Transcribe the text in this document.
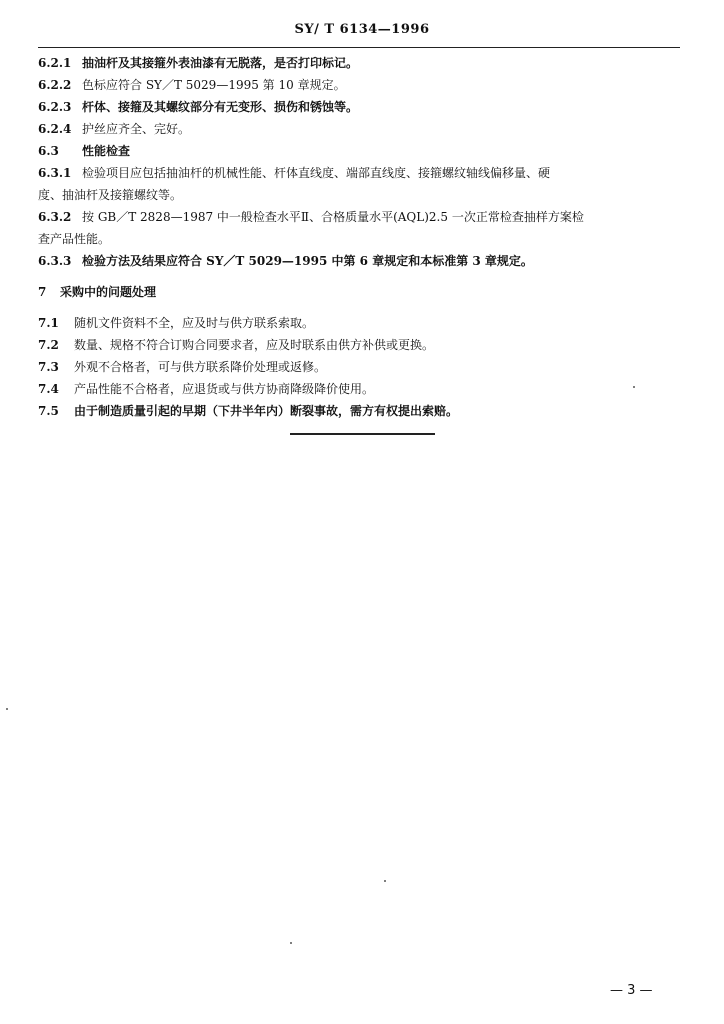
SY/ T 6134—1996
6.2.1 抽油杆及其接箍外表油漆有无脱落，是否打印标记。
6.2.2 色标应符合 SY／T 5029—1995 第 10 章规定。
6.2.3 杆体、接箍及其螺纹部分有无变形、损伤和锈蚀等。
6.2.4 护丝应齐全、完好。
6.3 性能检查
6.3.1 检验项目应包括抽油杆的机械性能、杆体直线度、端部直线度、接箍螺纹轴线偏移量、硬
度、抽油杆及接箍螺纹等。
6.3.2 按 GB／T 2828—1987 中一般检查水平Ⅱ、合格质量水平(AQL)2.5 一次正常检查抽样方案检
查产品性能。
6.3.3 检验方法及结果应符合 SY／T 5029—1995 中第 6 章规定和本标准第 3 章规定。
7 采购中的问题处理
7.1 随机文件资料不全，应及时与供方联系索取。
7.2 数量、规格不符合订购合同要求者，应及时联系由供方补供或更换。
7.3 外观不合格者，可与供方联系降价处理或返修。
7.4 产品性能不合格者，应退货或与供方协商降级降价使用。
7.5 由于制造质量引起的早期（下井半年内）断裂事故，需方有权提出索赔。
— 3 —
